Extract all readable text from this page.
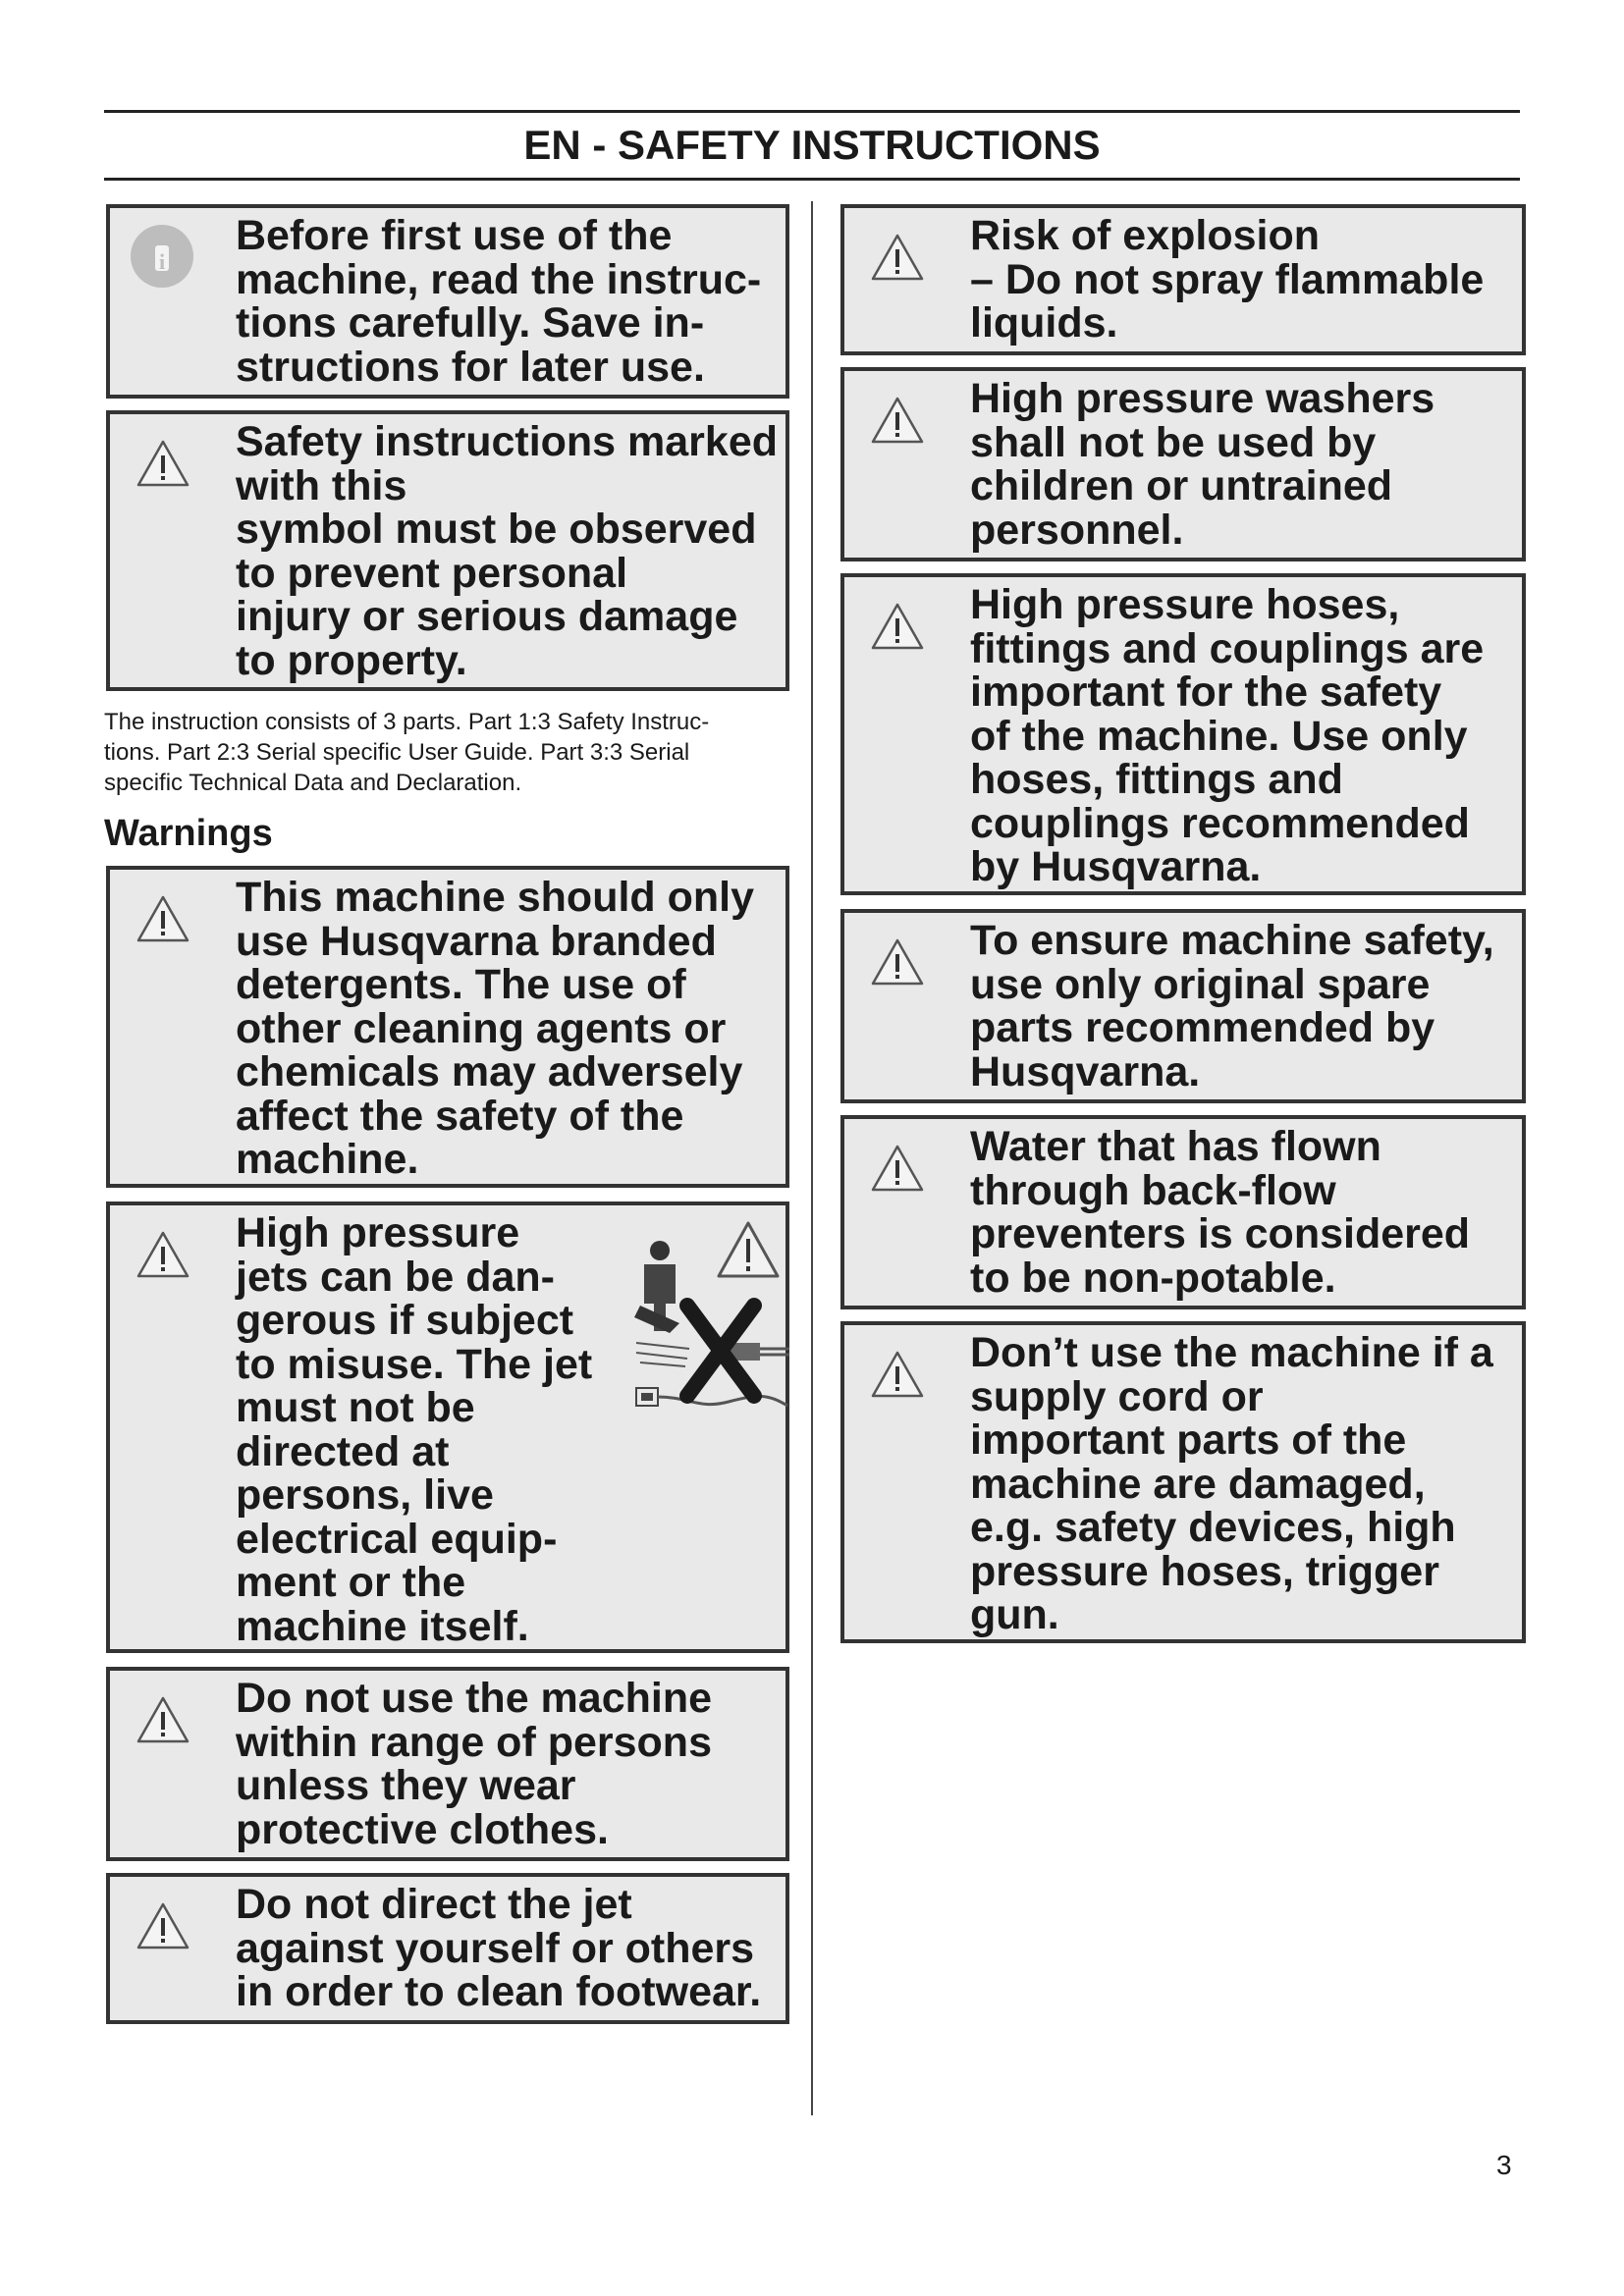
EN - SAFETY INSTRUCTIONS
i

Before first use of the
machine, read the instruc-
tions carefully. Save in-
structions for later use.

Safety instructions marked
with this
symbol must be observed
to prevent personal
injury or serious damage
to property.

The instruction consists of 3 parts. Part 1:3 Safety Instruc-
tions. Part 2:3 Serial specific User Guide. Part 3:3 Serial
specific Technical Data and Declaration.

Warnings

This machine should only
use Husqvarna branded
detergents. The use of
other cleaning agents or
chemicals may adversely
affect the safety of the
machine.

High pressure
jets can be dan-
gerous if subject
to misuse. The jet
must not be
directed at
persons, live
electrical equip-
ment or the
machine itself.

Do not use the machine
within range of persons
unless they wear
protective clothes.

Do not direct the jet
against yourself or others
in order to clean footwear.

Risk of explosion
– Do not spray flammable
liquids.

High pressure washers
shall not be used by
children or untrained
personnel.

High pressure hoses,
fittings and couplings are
important for the safety
of the machine. Use only
hoses, fittings and
couplings recommended
by Husqvarna.

To ensure machine safety,
use only original spare
parts recommended by
Husqvarna.

Water that has flown
through back-flow
preventers is considered
to be non-potable.

Don’t use the machine if a
supply cord or
important parts of the
machine are damaged,
e.g. safety devices, high
pressure hoses, trigger
gun.

3
